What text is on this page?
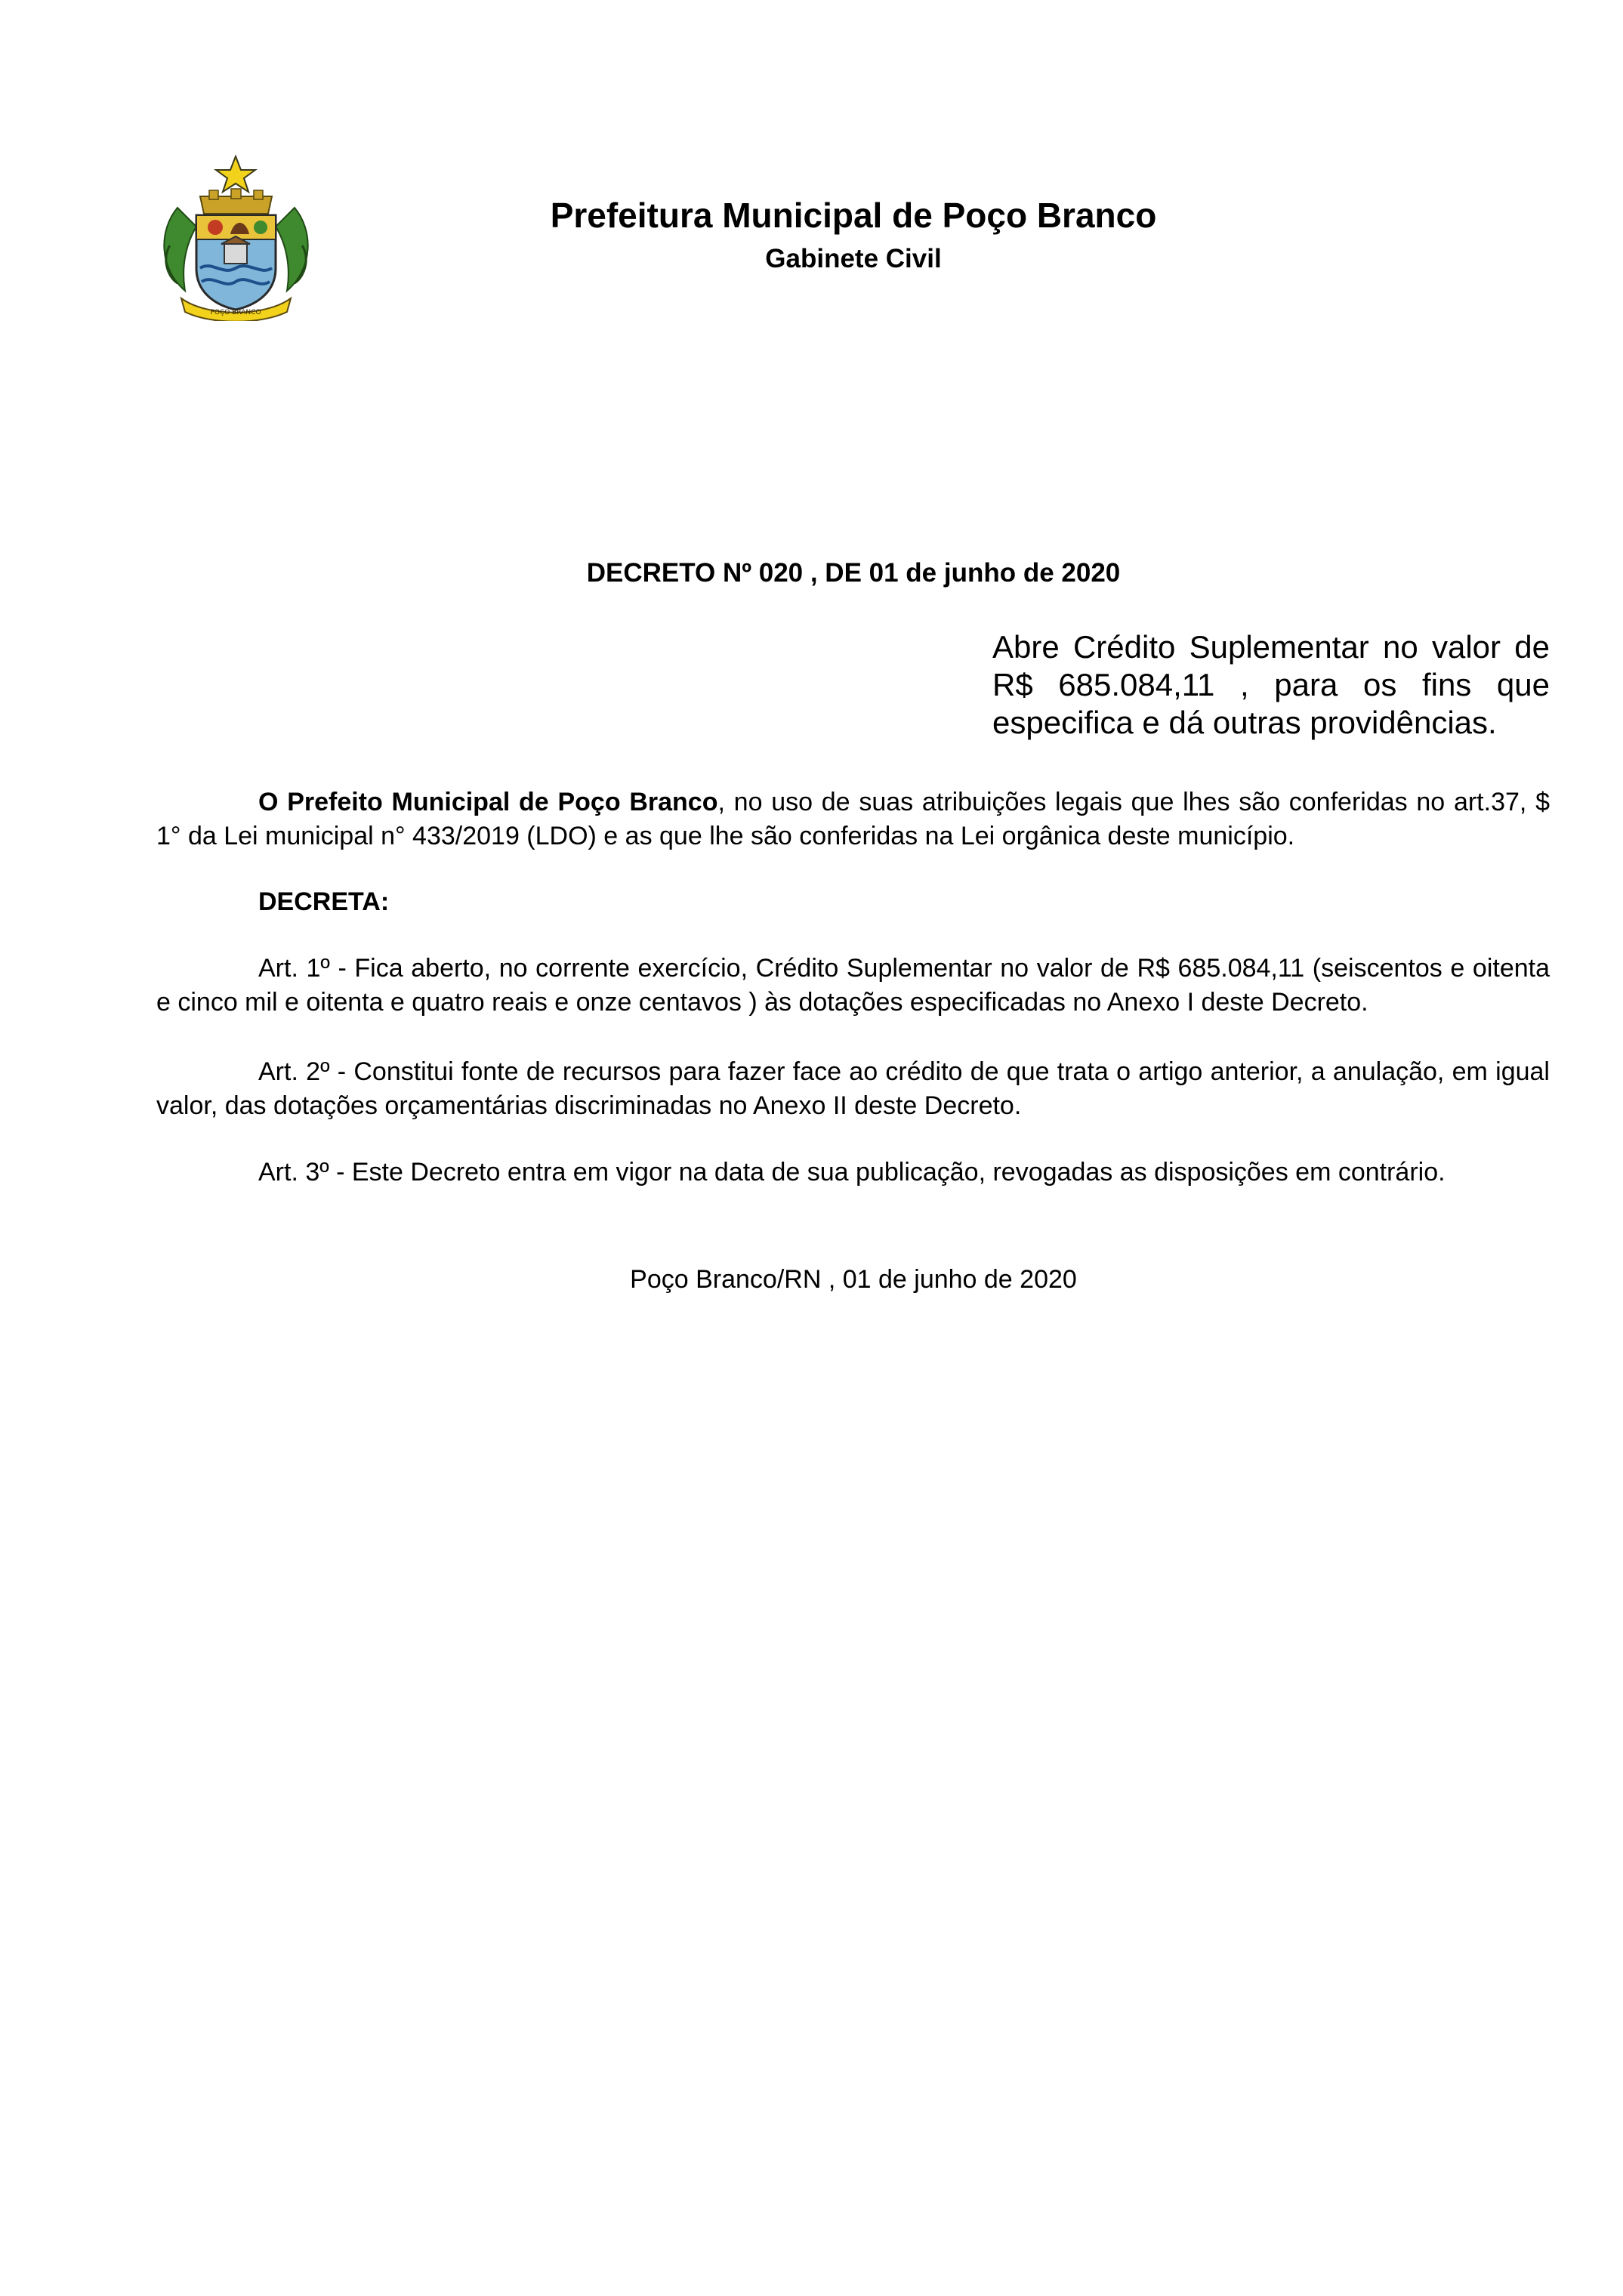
POÇO BRANCO
Prefeitura Municipal de Poço Branco
Gabinete Civil
DECRETO Nº 020 , DE 01 de junho de 2020
Abre Crédito Suplementar no valor de R$ 685.084,11 , para os fins que especifica e dá outras providências.
O Prefeito Municipal de Poço Branco, no uso de suas atribuições legais que lhes são conferidas no art.37, $ 1° da Lei municipal n° 433/2019 (LDO) e as que lhe são conferidas na Lei orgânica deste município.
DECRETA:
Art. 1º - Fica aberto, no corrente exercício, Crédito Suplementar no valor de R$ 685.084,11 (seiscentos e oitenta e cinco mil e oitenta e quatro reais e onze centavos ) às dotações especificadas no Anexo I deste Decreto.
Art. 2º - Constitui fonte de recursos para fazer face ao crédito de que trata o artigo anterior, a anulação, em igual valor, das dotações orçamentárias discriminadas no Anexo II deste Decreto.
Art. 3º - Este Decreto entra em vigor na data de sua publicação, revogadas as disposições em contrário.
Poço Branco/RN , 01 de junho de 2020
